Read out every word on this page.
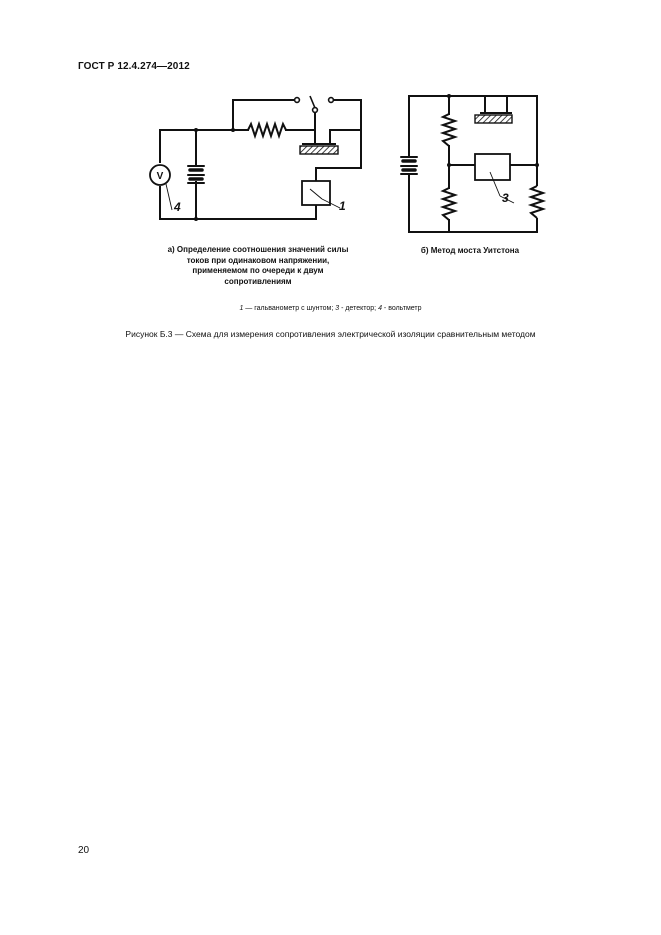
ГОСТ Р 12.4.274—2012
1
V
4
3
а) Определение соотношения значений силы токов при одинаковом напряжении, применяемом по очереди к двум сопротивлениям
б) Метод моста Уитстона
1 — гальванометр с шунтом; 3 - детектор; 4 - вольтметр
Рисунок Б.3 — Схема для измерения сопротивления электрической изоляции сравнительным методом
20
